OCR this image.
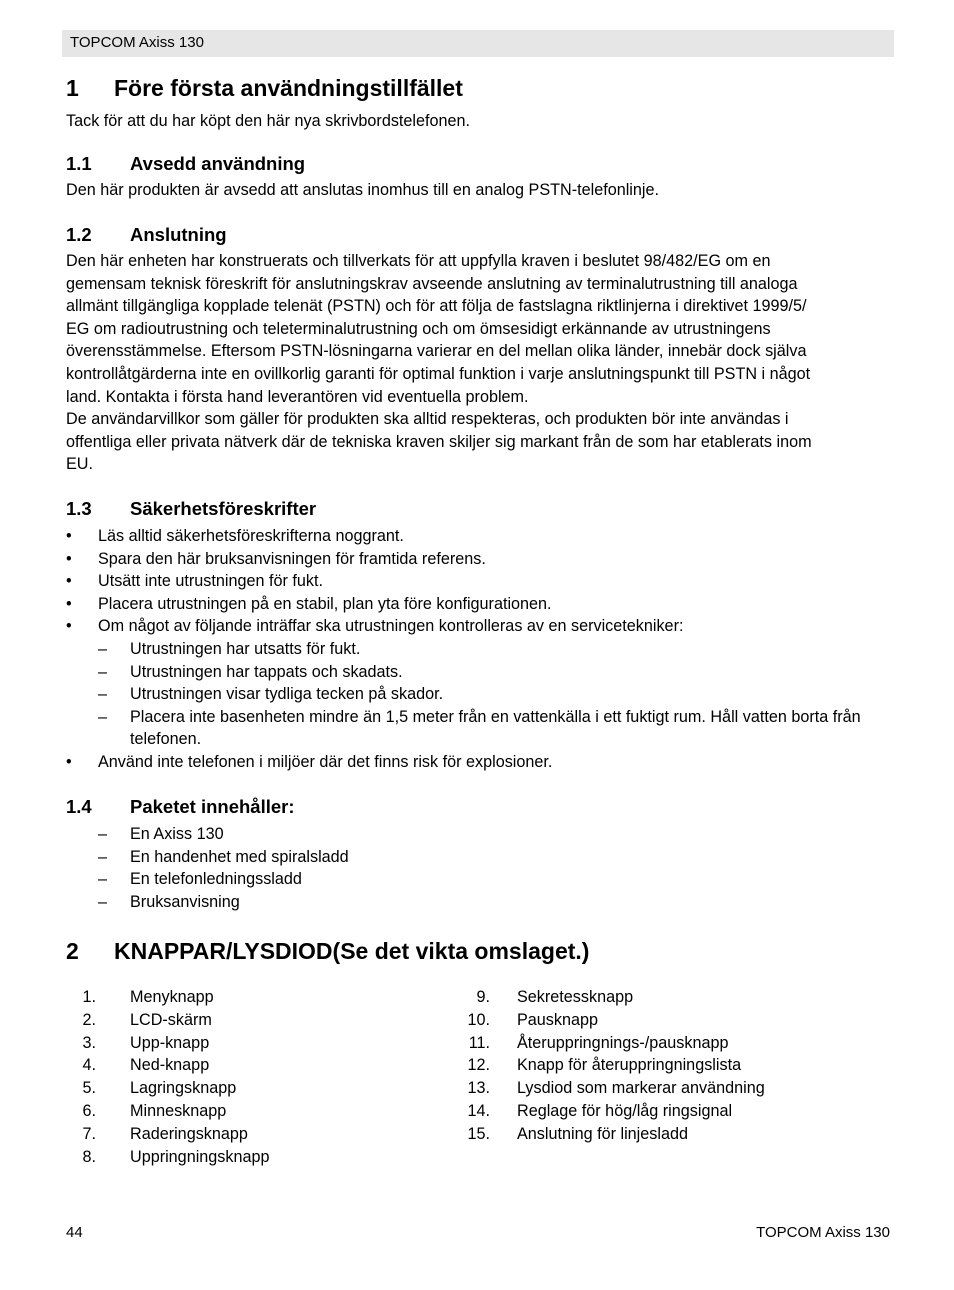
TOPCOM Axiss 130
1 Före första användningstillfället
Tack för att du har köpt den här nya skrivbordstelefonen.
1.1 Avsedd användning
Den här produkten är avsedd att anslutas inomhus till en analog PSTN-telefonlinje.
1.2 Anslutning
Den här enheten har konstruerats och tillverkats för att uppfylla kraven i beslutet 98/482/EG om en
gemensam teknisk föreskrift för anslutningskrav avseende anslutning av terminalutrustning till analoga
allmänt tillgängliga kopplade telenät (PSTN) och för att följa de fastslagna riktlinjerna i direktivet 1999/5/
EG om radioutrustning och teleterminalutrustning och om ömsesidigt erkännande av utrustningens
överensstämmelse. Eftersom PSTN-lösningarna varierar en del mellan olika länder, innebär dock själva
kontrollåtgärderna inte en ovillkorlig garanti för optimal funktion i varje anslutningspunkt till PSTN i något
land. Kontakta i första hand leverantören vid eventuella problem.
De användarvillkor som gäller för produkten ska alltid respekteras, och produkten bör inte användas i
offentliga eller privata nätverk där de tekniska kraven skiljer sig markant från de som har etablerats inom
EU.
1.3 Säkerhetsföreskrifter
• Läs alltid säkerhetsföreskrifterna noggrant.
• Spara den här bruksanvisningen för framtida referens.
• Utsätt inte utrustningen för fukt.
• Placera utrustningen på en stabil, plan yta före konfigurationen.
• Om något av följande inträffar ska utrustningen kontrolleras av en servicetekniker:
– Utrustningen har utsatts för fukt.
– Utrustningen har tappats och skadats.
– Utrustningen visar tydliga tecken på skador.
– Placera inte basenheten mindre än 1,5 meter från en vattenkälla i ett fuktigt rum. Håll vatten borta från telefonen.
• Använd inte telefonen i miljöer där det finns risk för explosioner.
1.4 Paketet innehåller:
– En Axiss 130
– En handenhet med spiralsladd
– En telefonledningssladd
– Bruksanvisning
2 KNAPPAR/LYSDIOD(Se det vikta omslaget.)
1. Menyknapp
2. LCD-skärm
3. Upp-knapp
4. Ned-knapp
5. Lagringsknapp
6. Minnesknapp
7. Raderingsknapp
8. Uppringningsknapp
9. Sekretessknapp
10. Pausknapp
11. Återuppringnings-/pausknapp
12. Knapp för återuppringningslista
13. Lysdiod som markerar användning
14. Reglage för hög/låg ringsignal
15. Anslutning för linjesladd
44	TOPCOM Axiss 130
